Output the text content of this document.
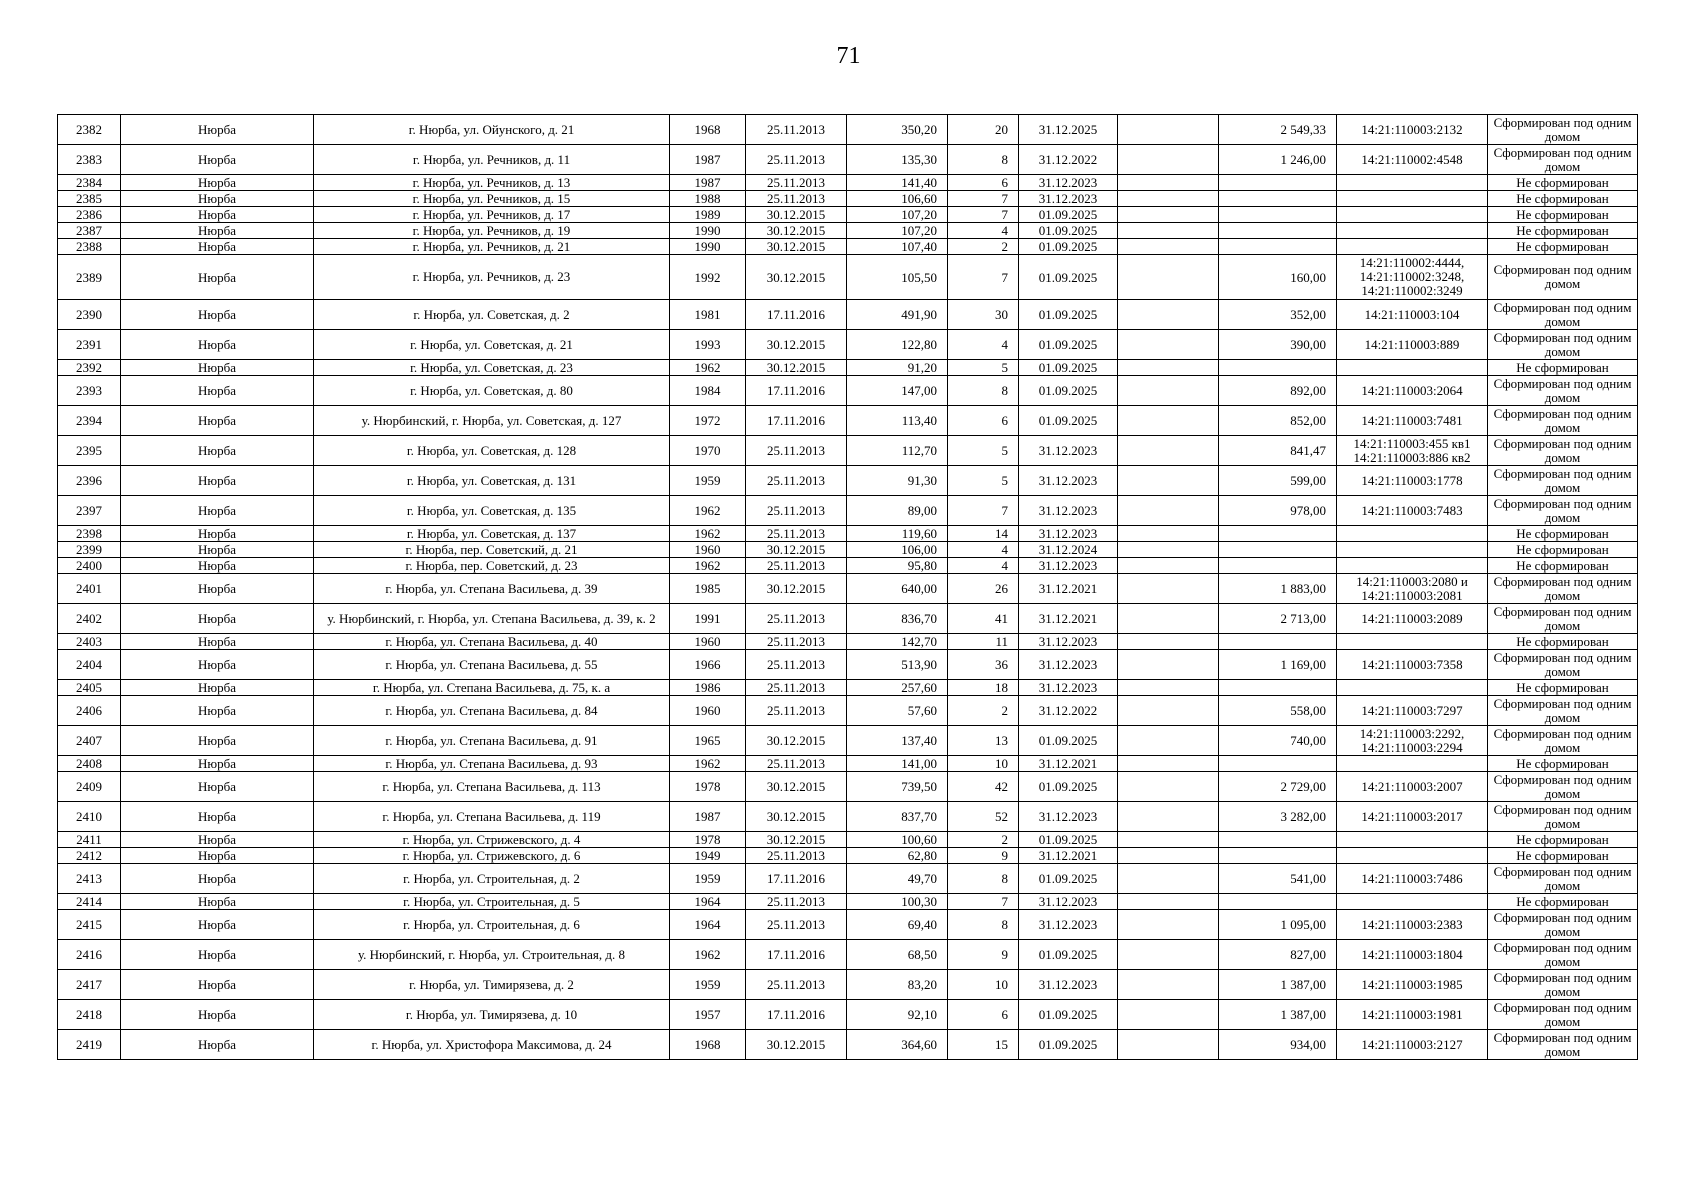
71
2382	Нюрба	г. Нюрба, ул. Ойунского, д. 21	1968	25.11.2013	350,20	20	31.12.2025		2 549,33	14:21:110003:2132	Сформирован под одним домом
2383	Нюрба	г. Нюрба, ул. Речников, д. 11	1987	25.11.2013	135,30	8	31.12.2022		1 246,00	14:21:110002:4548	Сформирован под одним домом
2384	Нюрба	г. Нюрба, ул. Речников, д. 13	1987	25.11.2013	141,40	6	31.12.2023				Не сформирован
2385	Нюрба	г. Нюрба, ул. Речников, д. 15	1988	25.11.2013	106,60	7	31.12.2023				Не сформирован
2386	Нюрба	г. Нюрба, ул. Речников, д. 17	1989	30.12.2015	107,20	7	01.09.2025				Не сформирован
2387	Нюрба	г. Нюрба, ул. Речников, д. 19	1990	30.12.2015	107,20	4	01.09.2025				Не сформирован
2388	Нюрба	г. Нюрба, ул. Речников, д. 21	1990	30.12.2015	107,40	2	01.09.2025				Не сформирован
2389	Нюрба	г. Нюрба, ул. Речников, д. 23	1992	30.12.2015	105,50	7	01.09.2025		160,00	14:21:110002:4444,
14:21:110002:3248,
14:21:110002:3249	Сформирован под одним домом
2390	Нюрба	г. Нюрба, ул. Советская, д. 2	1981	17.11.2016	491,90	30	01.09.2025		352,00	14:21:110003:104	Сформирован под одним домом
2391	Нюрба	г. Нюрба, ул. Советская, д. 21	1993	30.12.2015	122,80	4	01.09.2025		390,00	14:21:110003:889	Сформирован под одним домом
2392	Нюрба	г. Нюрба, ул. Советская, д. 23	1962	30.12.2015	91,20	5	01.09.2025				Не сформирован
2393	Нюрба	г. Нюрба, ул. Советская, д. 80	1984	17.11.2016	147,00	8	01.09.2025		892,00	14:21:110003:2064	Сформирован под одним домом
2394	Нюрба	у. Нюрбинский, г. Нюрба, ул. Советская, д. 127	1972	17.11.2016	113,40	6	01.09.2025		852,00	14:21:110003:7481	Сформирован под одним домом
2395	Нюрба	г. Нюрба, ул. Советская, д. 128	1970	25.11.2013	112,70	5	31.12.2023		841,47	14:21:110003:455 кв1
14:21:110003:886 кв2	Сформирован под одним домом
2396	Нюрба	г. Нюрба, ул. Советская, д. 131	1959	25.11.2013	91,30	5	31.12.2023		599,00	14:21:110003:1778	Сформирован под одним домом
2397	Нюрба	г. Нюрба, ул. Советская, д. 135	1962	25.11.2013	89,00	7	31.12.2023		978,00	14:21:110003:7483	Сформирован под одним домом
2398	Нюрба	г. Нюрба, ул. Советская, д. 137	1962	25.11.2013	119,60	14	31.12.2023				Не сформирован
2399	Нюрба	г. Нюрба, пер. Советский, д. 21	1960	30.12.2015	106,00	4	31.12.2024				Не сформирован
2400	Нюрба	г. Нюрба, пер. Советский, д. 23	1962	25.11.2013	95,80	4	31.12.2023				Не сформирован
2401	Нюрба	г. Нюрба, ул. Степана Васильева, д. 39	1985	30.12.2015	640,00	26	31.12.2021		1 883,00	14:21:110003:2080 и
14:21:110003:2081	Сформирован под одним домом
2402	Нюрба	у. Нюрбинский, г. Нюрба, ул. Степана Васильева, д. 39, к. 2	1991	25.11.2013	836,70	41	31.12.2021		2 713,00	14:21:110003:2089	Сформирован под одним домом
2403	Нюрба	г. Нюрба, ул. Степана Васильева, д. 40	1960	25.11.2013	142,70	11	31.12.2023				Не сформирован
2404	Нюрба	г. Нюрба, ул. Степана Васильева, д. 55	1966	25.11.2013	513,90	36	31.12.2023		1 169,00	14:21:110003:7358	Сформирован под одним домом
2405	Нюрба	г. Нюрба, ул. Степана Васильева, д. 75, к. а	1986	25.11.2013	257,60	18	31.12.2023				Не сформирован
2406	Нюрба	г. Нюрба, ул. Степана Васильева, д. 84	1960	25.11.2013	57,60	2	31.12.2022		558,00	14:21:110003:7297	Сформирован под одним домом
2407	Нюрба	г. Нюрба, ул. Степана Васильева, д. 91	1965	30.12.2015	137,40	13	01.09.2025		740,00	14:21:110003:2292,
14:21:110003:2294	Сформирован под одним домом
2408	Нюрба	г. Нюрба, ул. Степана Васильева, д. 93	1962	25.11.2013	141,00	10	31.12.2021				Не сформирован
2409	Нюрба	г. Нюрба, ул. Степана Васильева, д. 113	1978	30.12.2015	739,50	42	01.09.2025		2 729,00	14:21:110003:2007	Сформирован под одним домом
2410	Нюрба	г. Нюрба, ул. Степана Васильева, д. 119	1987	30.12.2015	837,70	52	31.12.2023		3 282,00	14:21:110003:2017	Сформирован под одним домом
2411	Нюрба	г. Нюрба, ул. Стрижевского, д. 4	1978	30.12.2015	100,60	2	01.09.2025				Не сформирован
2412	Нюрба	г. Нюрба, ул. Стрижевского, д. 6	1949	25.11.2013	62,80	9	31.12.2021				Не сформирован
2413	Нюрба	г. Нюрба, ул. Строительная, д. 2	1959	17.11.2016	49,70	8	01.09.2025		541,00	14:21:110003:7486	Сформирован под одним домом
2414	Нюрба	г. Нюрба, ул. Строительная, д. 5	1964	25.11.2013	100,30	7	31.12.2023				Не сформирован
2415	Нюрба	г. Нюрба, ул. Строительная, д. 6	1964	25.11.2013	69,40	8	31.12.2023		1 095,00	14:21:110003:2383	Сформирован под одним домом
2416	Нюрба	у. Нюрбинский, г. Нюрба, ул. Строительная, д. 8	1962	17.11.2016	68,50	9	01.09.2025		827,00	14:21:110003:1804	Сформирован под одним домом
2417	Нюрба	г. Нюрба, ул. Тимирязева, д. 2	1959	25.11.2013	83,20	10	31.12.2023		1 387,00	14:21:110003:1985	Сформирован под одним домом
2418	Нюрба	г. Нюрба, ул. Тимирязева, д. 10	1957	17.11.2016	92,10	6	01.09.2025		1 387,00	14:21:110003:1981	Сформирован под одним домом
2419	Нюрба	г. Нюрба, ул. Христофора Максимова, д. 24	1968	30.12.2015	364,60	15	01.09.2025		934,00	14:21:110003:2127	Сформирован под одним домом
